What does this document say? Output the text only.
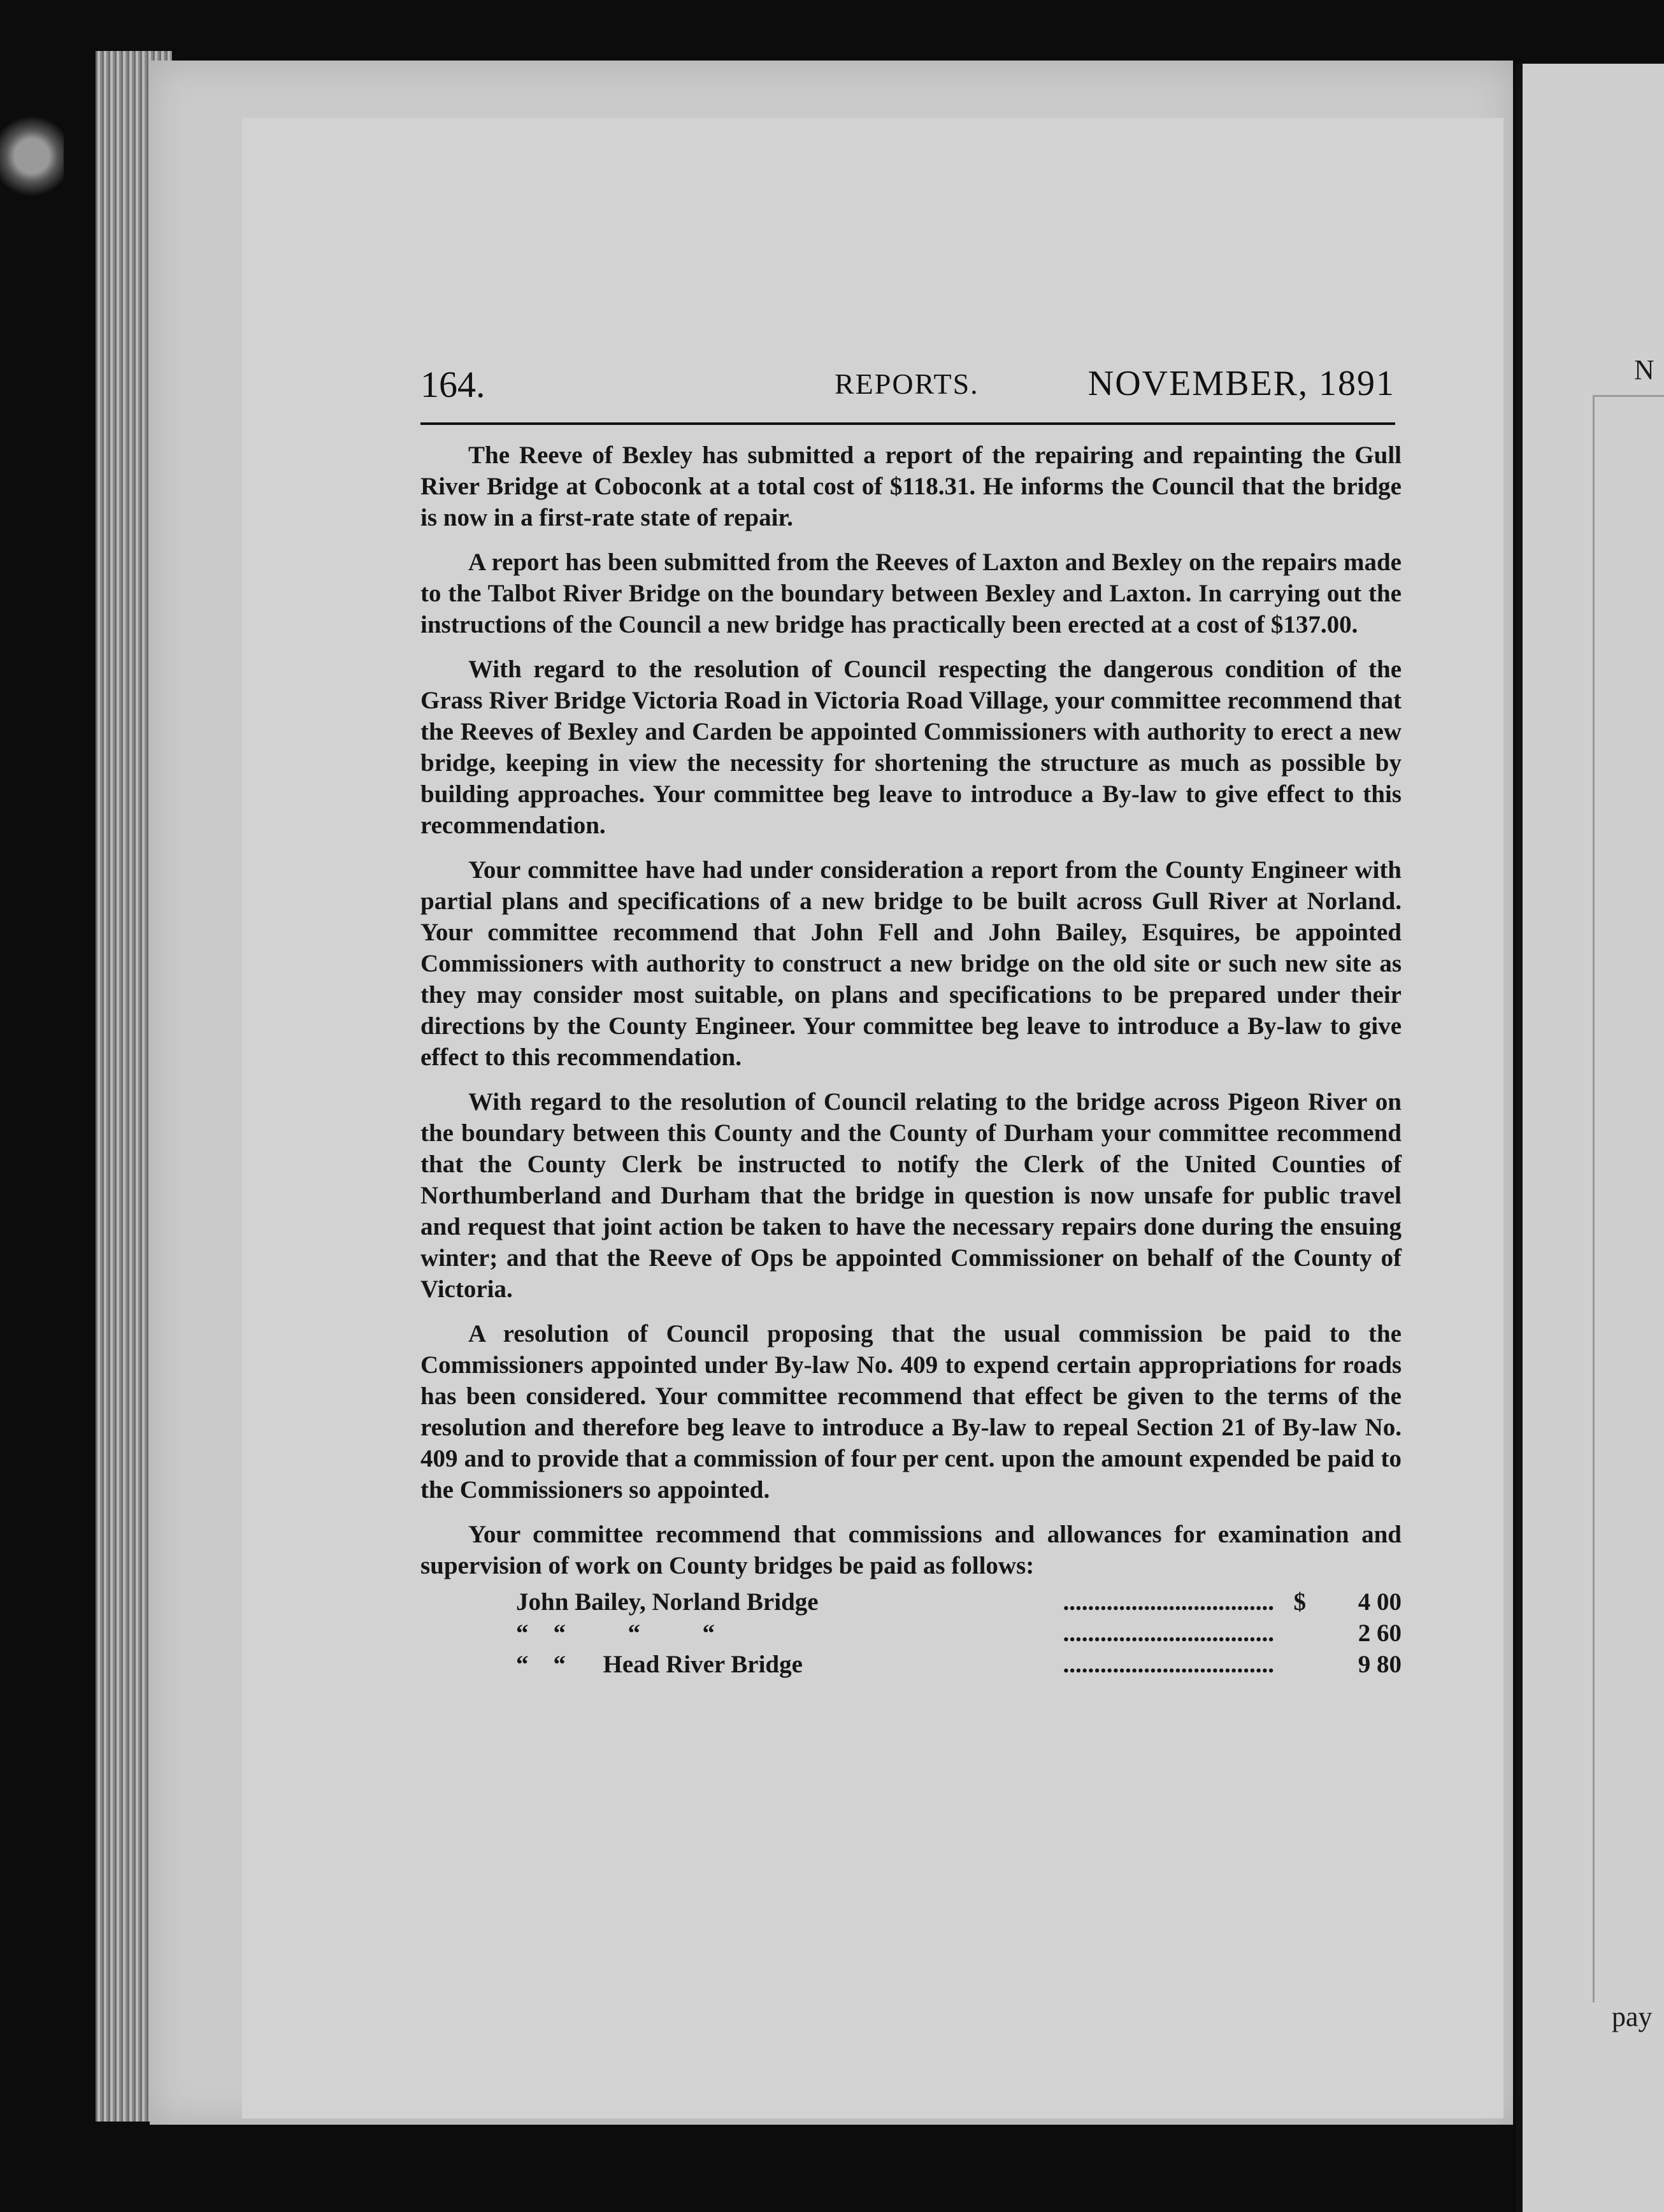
N
pay
164.	REPORTS.	NOVEMBER, 1891

The Reeve of Bexley has submitted a report of the repairing and repainting the Gull River Bridge at Coboconk at a total cost of $118.31. He informs the Council that the bridge is now in a first-rate state of repair.

A report has been submitted from the Reeves of Laxton and Bexley on the repairs made to the Talbot River Bridge on the boundary between Bexley and Laxton. In carrying out the instructions of the Council a new bridge has practically been erected at a cost of $137.00.

With regard to the resolution of Council respecting the dangerous condition of the Grass River Bridge Victoria Road in Victoria Road Village, your committee recommend that the Reeves of Bexley and Carden be appointed Commissioners with authority to erect a new bridge, keeping in view the necessity for shortening the structure as much as possible by building approaches. Your committee beg leave to introduce a By-law to give effect to this recommendation.

Your committee have had under consideration a report from the County Engineer with partial plans and specifications of a new bridge to be built across Gull River at Norland. Your committee recommend that John Fell and John Bailey, Esquires, be appointed Commissioners with authority to construct a new bridge on the old site or such new site as they may consider most suitable, on plans and specifications to be prepared under their directions by the County Engineer. Your committee beg leave to introduce a By-law to give effect to this recommendation.

With regard to the resolution of Council relating to the bridge across Pigeon River on the boundary between this County and the County of Durham your committee recommend that the County Clerk be instructed to notify the Clerk of the United Counties of Northumberland and Durham that the bridge in question is now unsafe for public travel and request that joint action be taken to have the necessary repairs done during the ensuing winter; and that the Reeve of Ops be appointed Commissioner on behalf of the County of Victoria.

A resolution of Council proposing that the usual commission be paid to the Commissioners appointed under By-law No. 409 to expend certain appropriations for roads has been considered. Your committee recommend that effect be given to the terms of the resolution and therefore beg leave to introduce a By-law to repeal Section 21 of By-law No. 409 and to provide that a commission of four per cent. upon the amount expended be paid to the Commissioners so appointed.

Your committee recommend that commissions and allowances for examination and supervision of work on County bridges be paid as follows:

..................................
John Bailey, Norland Bridge	$	4 00
..................................
“    “          “          “	2 60
..................................
“    “      Head River Bridge	9 80
